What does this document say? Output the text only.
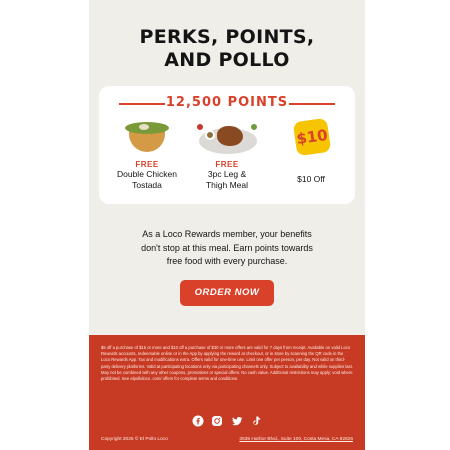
PERKS, POINTS,
AND POLLO
12,500 POINTS
FREE
Double Chicken
Tostada
FREE
3pc Leg &
Thigh Meal
$10
$10 Off
As a Loco Rewards member, your benefits
don't stop at this meal. Earn points towards
free food with every purchase.
ORDER NOW
$5 off a purchase of $15 or more and $10 off a purchase of $30 or more offers are valid for 7 days from receipt. Available on valid Loco Rewards accounts, redeemable online or in the App by applying the reward at checkout, or in store by scanning the QR code in the Loco Rewards App. Tax and modifications extra. Offers valid for one-time use. Limit one offer per person, per day. Not valid on third-party delivery platforms. Valid at participating locations only via participating channels only. Subject to availability and while supplies last. May not be combined with any other coupons, promotions or special offers. No cash value. Additional restrictions may apply; void where prohibited. See elpolloloco .com/ offers for complete terms and conditions.
Copyright 2025 © El Pollo Loco	3535 Harbor Blvd., Suite 100, Costa Mesa, CA 92626
